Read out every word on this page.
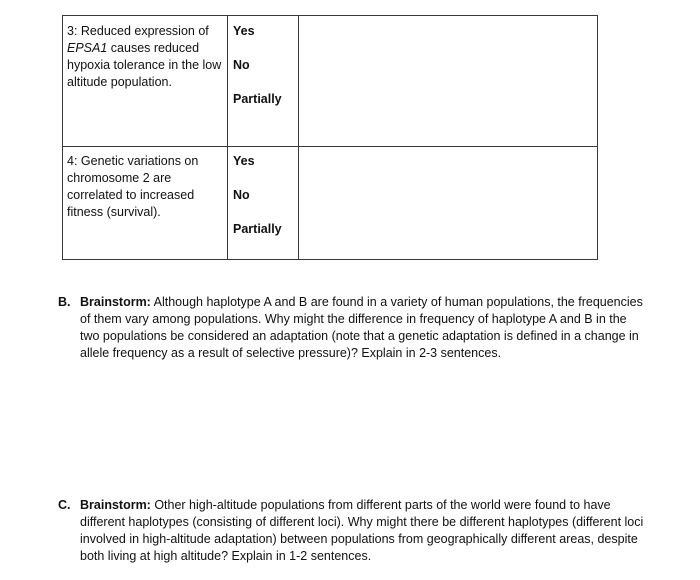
3: Reduced expression of EPSA1 causes reduced hypoxia tolerance in the low altitude population.
Yes
No
Partially
4: Genetic variations on chromosome 2 are correlated to increased fitness (survival).
Yes
No
Partially
B. Brainstorm: Although haplotype A and B are found in a variety of human populations, the frequencies of them vary among populations. Why might the difference in frequency of haplotype A and B in the two populations be considered an adaptation (note that a genetic adaptation is defined in a change in allele frequency as a result of selective pressure)? Explain in 2-3 sentences.
C. Brainstorm: Other high-altitude populations from different parts of the world were found to have different haplotypes (consisting of different loci). Why might there be different haplotypes (different loci involved in high-altitude adaptation) between populations from geographically different areas, despite both living at high altitude? Explain in 1-2 sentences.
